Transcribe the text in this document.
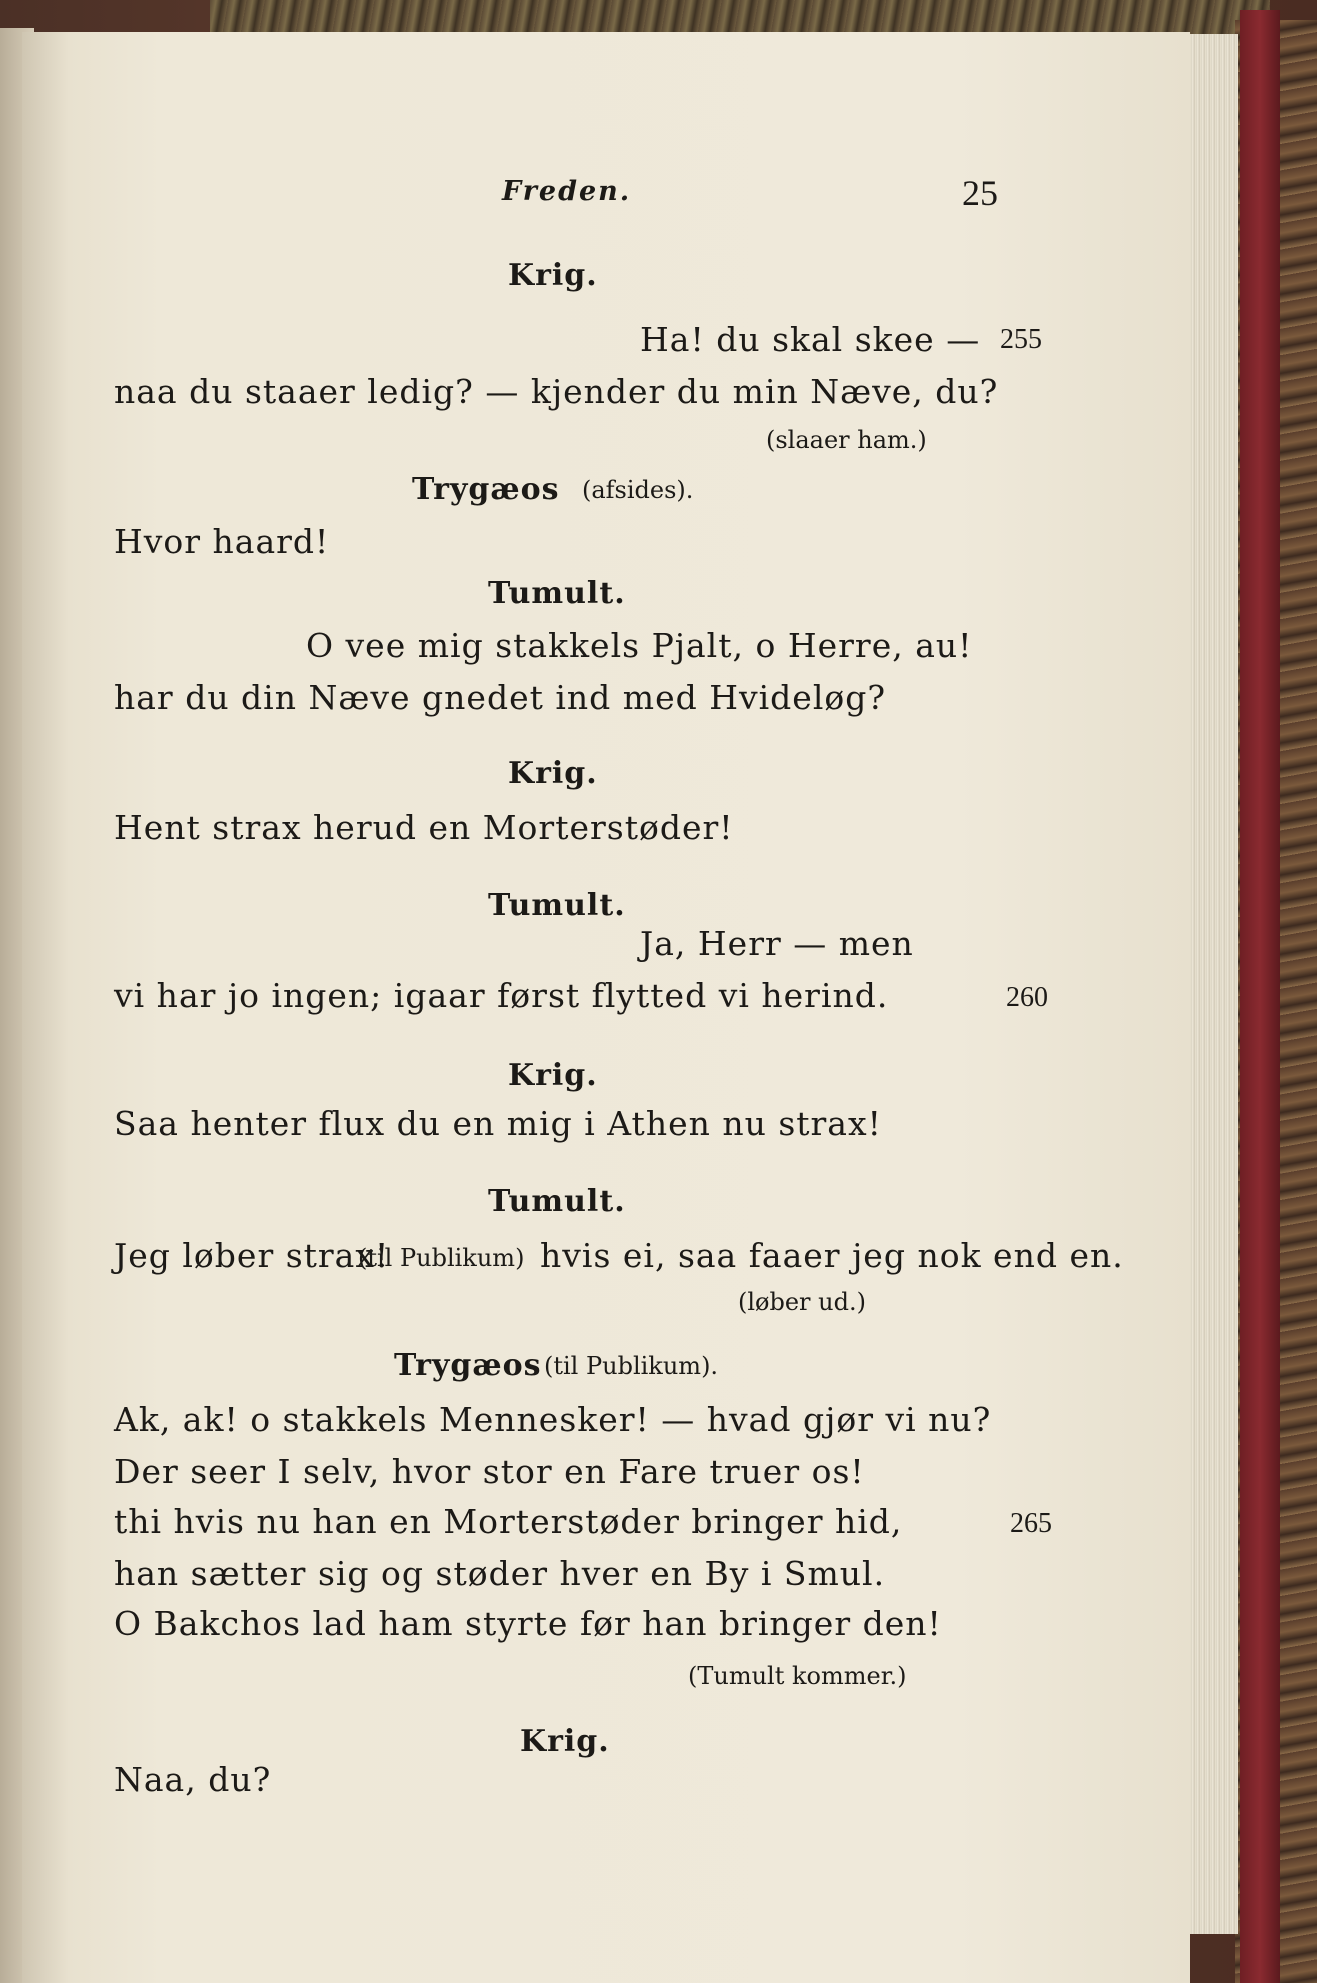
Freden.	25
Krig.
Ha! du skal skee — 255
naa du staaer ledig? — kjender du min Næve, du?
(slaaer ham.)
Trygæos (afsides).
Hvor haard!
Tumult.
O vee mig stakkels Pjalt, o Herre, au!
har du din Næve gnedet ind med Hvideløg?
Krig.
Hent strax herud en Morterstøder!
Tumult.
Ja, Herr — men
vi har jo ingen; igaar først flytted vi herind.	260
Krig.
Saa henter flux du en mig i Athen nu strax!
Tumult.
Jeg løber strax!
(til Publikum) hvis ei, saa faaer jeg nok end en.
(løber ud.)
Trygæos (til Publikum).
Ak, ak! o stakkels Mennesker! — hvad gjør vi nu?
Der seer I selv, hvor stor en Fare truer os!
thi hvis nu han en Morterstøder bringer hid,	265
han sætter sig og støder hver en By i Smul.
O Bakchos lad ham styrte før han bringer den!
(Tumult kommer.)
Krig.
Naa, du?
